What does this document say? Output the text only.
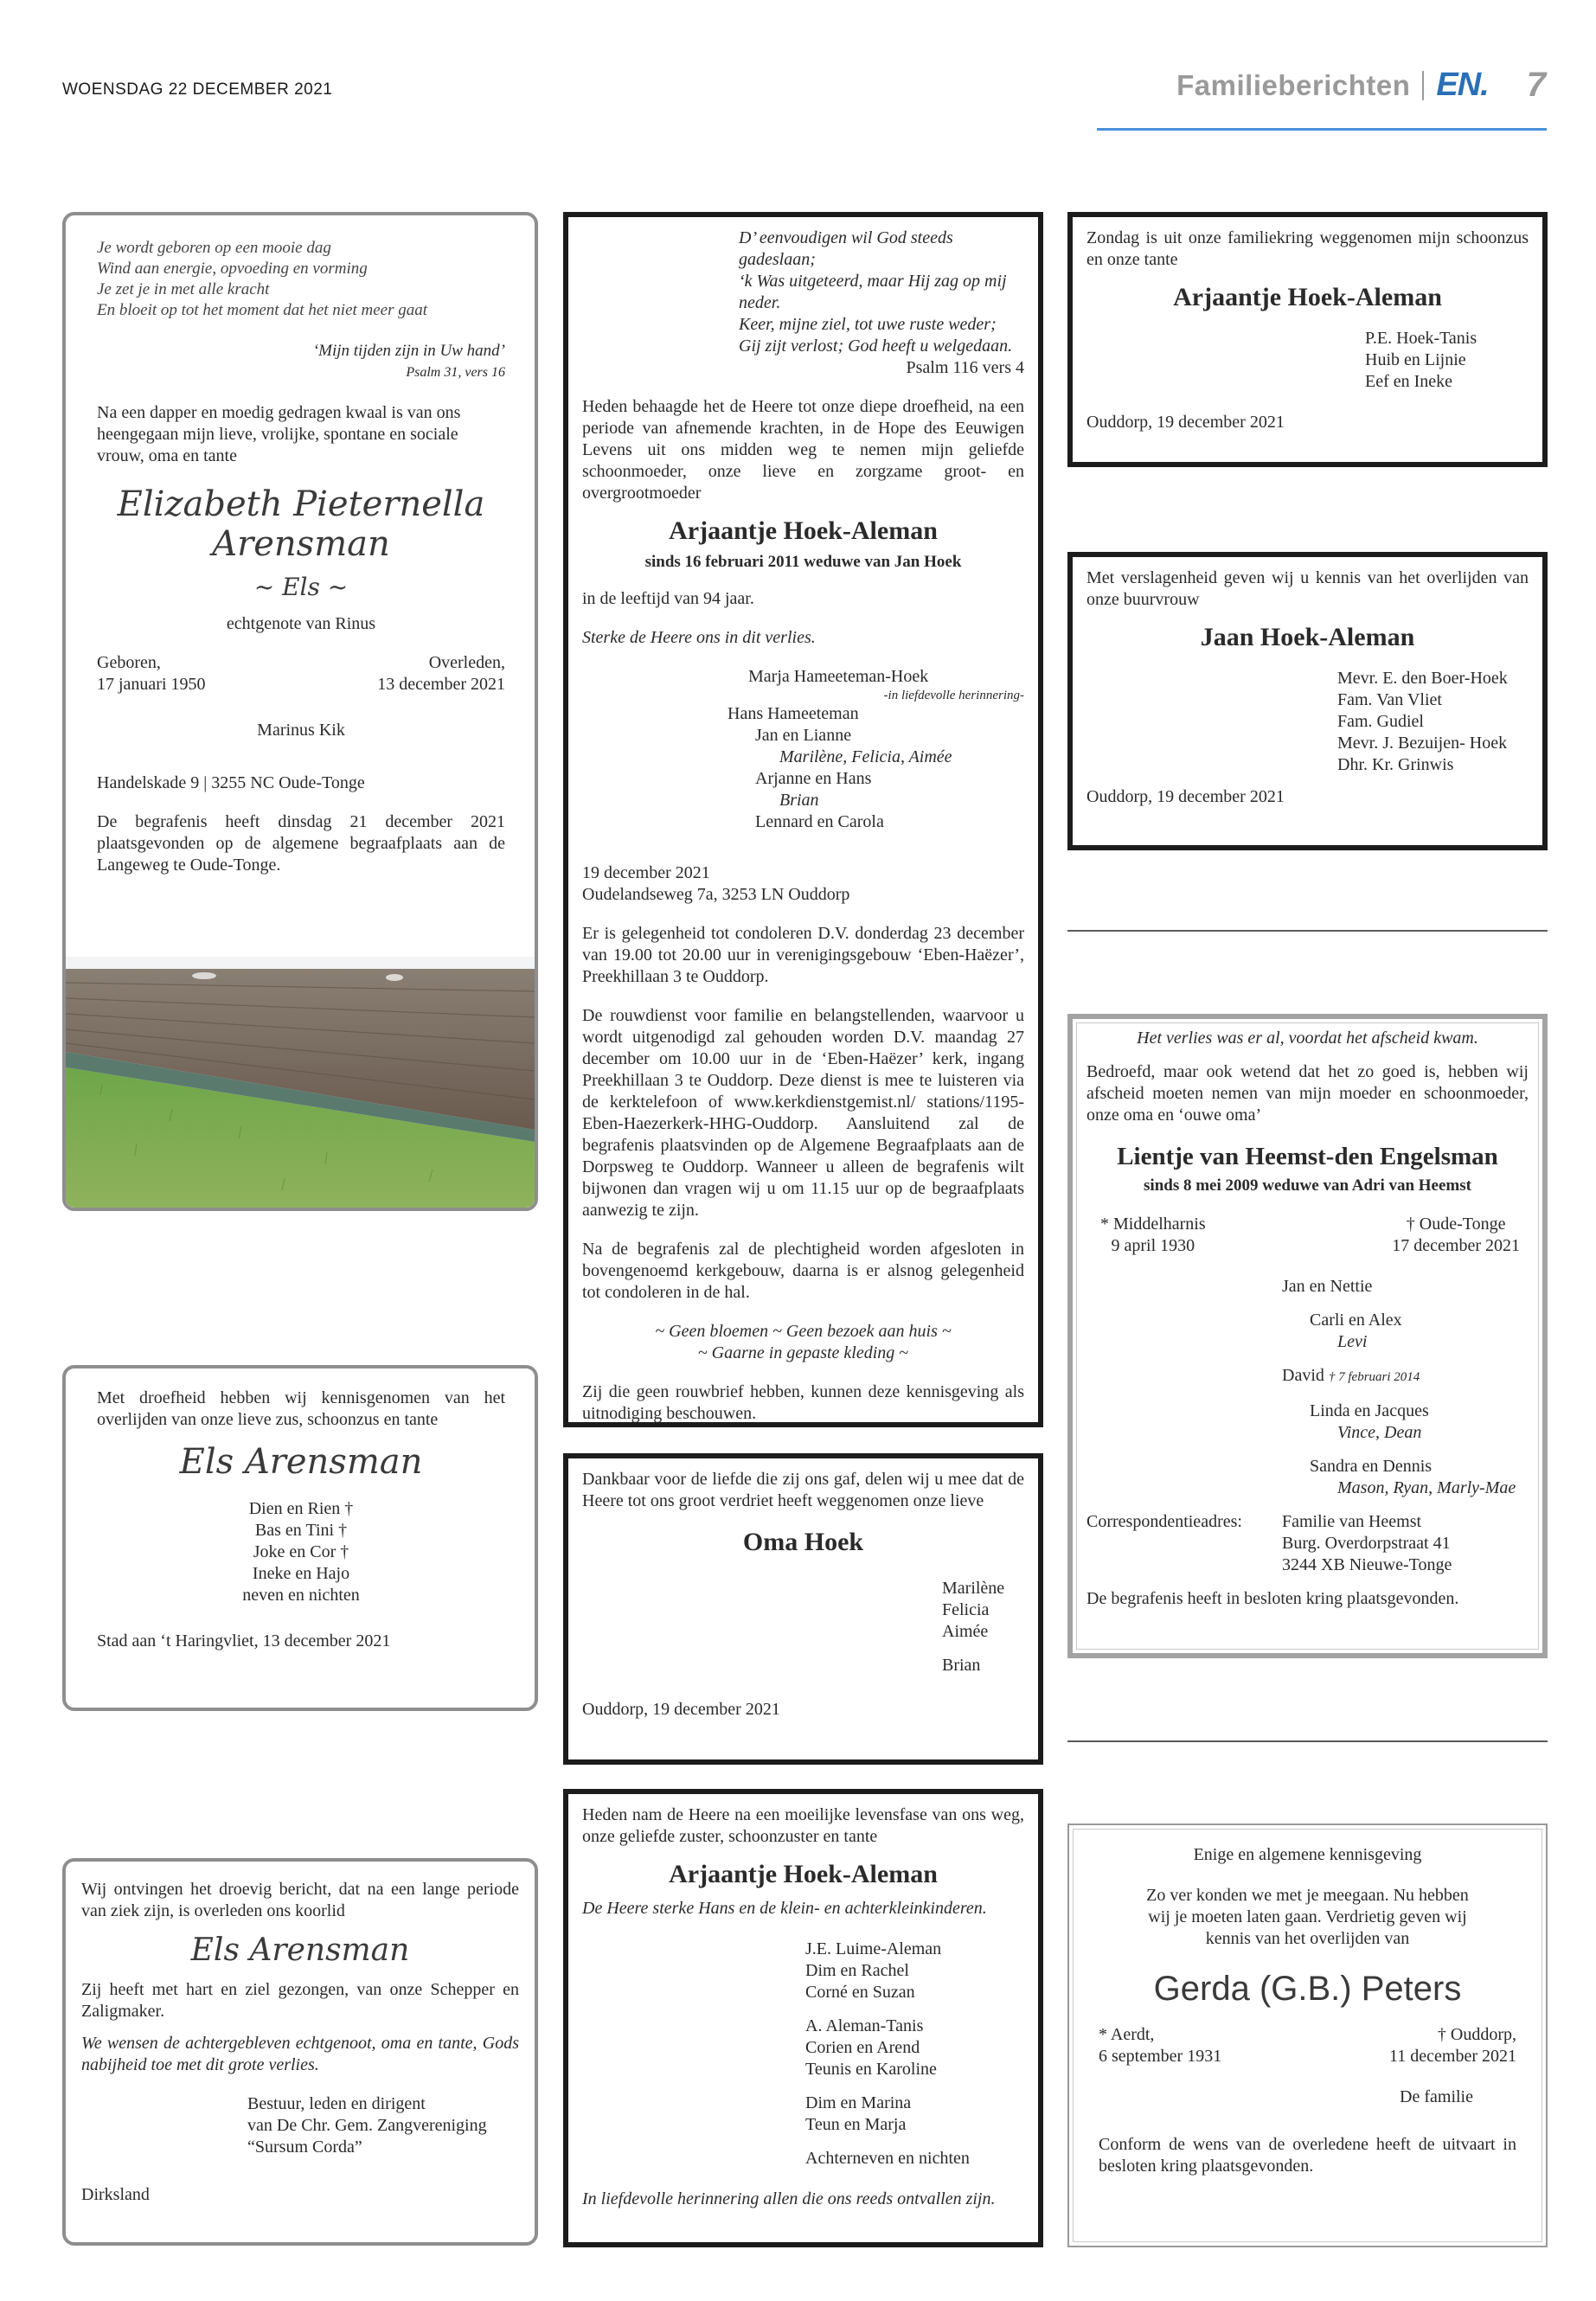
WOENSDAG 22 DECEMBER 2021	Familieberichten EN. 7
Je wordt geboren op een mooie dag
Wind aan energie, opvoeding en vorming
Je zet je in met alle kracht
En bloeit op tot het moment dat het niet meer gaat
‘Mijn tijden zijn in Uw hand’
Psalm 31, vers 16

Na een dapper en moedig gedragen kwaal is van ons heengegaan mijn lieve, vrolijke, spontane en sociale vrouw, oma en tante

Elizabeth Pieternella
Arensman
~ Els ~

echtgenote van Rinus

Geboren,
17 januari 1950
Overleden,
13 december 2021

Marinus Kik

Handelskade 9 | 3255 NC Oude-Tonge

De begrafenis heeft dinsdag 21 december 2021 plaatsgevonden op de algemene begraafplaats aan de Langeweg te Oude-Tonge.

Met droefheid hebben wij kennisgenomen van het overlijden van onze lieve zus, schoonzus en tante

Els Arensman
Dien en Rien †
Bas en Tini †
Joke en Cor †
Ineke en Hajo
neven en nichten

Stad aan ‘t Haringvliet, 13 december 2021

Wij ontvingen het droevig bericht, dat na een lange periode van ziek zijn, is overleden ons koorlid

Els Arensman

Zij heeft met hart en ziel gezongen, van onze Schepper en Zaligmaker.

We wensen de achtergebleven echtgenoot, oma en tante, Gods nabijheid toe met dit grote verlies.

Bestuur, leden en dirigent
van De Chr. Gem. Zangvereniging
“Sursum Corda”

Dirksland

D’ eenvoudigen wil God steeds gadeslaan;
‘k Was uitgeteerd, maar Hij zag op mij neder.
Keer, mijne ziel, tot uwe ruste weder;
Gij zijt verlost; God heeft u welgedaan.
Psalm 116 vers 4

Heden behaagde het de Heere tot onze diepe droefheid, na een periode van afnemende krachten, in de Hope des Eeuwigen Levens uit ons midden weg te nemen mijn geliefde schoonmoeder, onze lieve en zorgzame groot- en overgrootmoeder

Arjaantje Hoek-Aleman
sinds 16 februari 2011 weduwe van Jan Hoek

in de leeftijd van 94 jaar.

Sterke de Heere ons in dit verlies.

Marja Hameeteman-Hoek
-in liefdevolle herinnering-
Hans Hameeteman
Jan en Lianne
Marilène, Felicia, Aimée
Arjanne en Hans
Brian
Lennard en Carola
19 december 2021

Oudelandseweg 7a, 3253 LN Ouddorp

Er is gelegenheid tot condoleren D.V. donderdag 23 december van 19.00 tot 20.00 uur in verenigingsgebouw ‘Eben-Haëzer’, Preekhillaan 3 te Ouddorp.

De rouwdienst voor familie en belangstellenden, waarvoor u wordt uitgenodigd zal gehouden worden D.V. maandag 27 december om 10.00 uur in de ‘Eben-Haëzer’ kerk, ingang Preekhillaan 3 te Ouddorp. Deze dienst is mee te luisteren via de kerktelefoon of www.kerkdienstgemist.nl/ stations/1195-Eben-Haezerkerk-HHG-Ouddorp. Aansluitend zal de begrafenis plaatsvinden op de Algemene Begraafplaats aan de Dorpsweg te Ouddorp. Wanneer u alleen de begrafenis wilt bijwonen dan vragen wij u om 11.15 uur op de begraafplaats aanwezig te zijn.

Na de begrafenis zal de plechtigheid worden afgesloten in bovengenoemd kerkgebouw, daarna is er alsnog gelegenheid tot condoleren in de hal.

~ Geen bloemen ~ Geen bezoek aan huis ~
~ Gaarne in gepaste kleding ~

Zij die geen rouwbrief hebben, kunnen deze kennisgeving als uitnodiging beschouwen.

Dankbaar voor de liefde die zij ons gaf, delen wij u mee dat de Heere tot ons groot verdriet heeft weggenomen onze lieve

Oma Hoek
Marilène
Felicia
Aimée
Brian

Ouddorp, 19 december 2021

Heden nam de Heere na een moeilijke levensfase van ons weg, onze geliefde zuster, schoonzuster en tante

Arjaantje Hoek-Aleman

De Heere sterke Hans en de klein- en achterkleinkinderen.

J.E. Luime-Aleman
Dim en Rachel
Corné en Suzan
A. Aleman-Tanis
Corien en Arend
Teunis en Karoline
Dim en Marina
Teun en Marja
Achterneven en nichten

In liefdevolle herinnering allen die ons reeds ontvallen zijn.

Zondag is uit onze familiekring weggenomen mijn schoonzus en onze tante

Arjaantje Hoek-Aleman
P.E. Hoek-Tanis
Huib en Lijnie
Eef en Ineke

Ouddorp, 19 december 2021

Met verslagenheid geven wij u kennis van het overlijden van onze buurvrouw

Jaan Hoek-Aleman
Mevr. E. den Boer-Hoek
Fam. Van Vliet
Fam. Gudiel
Mevr. J. Bezuijen- Hoek
Dhr. Kr. Grinwis

Ouddorp, 19 december 2021

Het verlies was er al, voordat het afscheid kwam.

Bedroefd, maar ook wetend dat het zo goed is, hebben wij afscheid moeten nemen van mijn moeder en schoonmoeder, onze oma en ‘ouwe oma’

Lientje van Heemst-den Engelsman
sinds 8 mei 2009 weduwe van Adri van Heemst
* Middelharnis
9 april 1930
† Oude-Tonge
17 december 2021
Jan en Nettie
Carli en Alex
Levi
David † 7 februari 2014
Linda en Jacques
Vince, Dean
Sandra en Dennis
Mason, Ryan, Marly-Mae
Correspondentieadres:	Familie van Heemst
Burg. Overdorpstraat 41
3244 XB Nieuwe-Tonge

De begrafenis heeft in besloten kring plaatsgevonden.

Enige en algemene kennisgeving

Zo ver konden we met je meegaan. Nu hebben
wij je moeten laten gaan. Verdrietig geven wij
kennis van het overlijden van
Gerda (G.B.) Peters
* Aerdt,
6 september 1931
† Ouddorp,
11 december 2021
De familie

Conform de wens van de overledene heeft de uitvaart in besloten kring plaatsgevonden.
